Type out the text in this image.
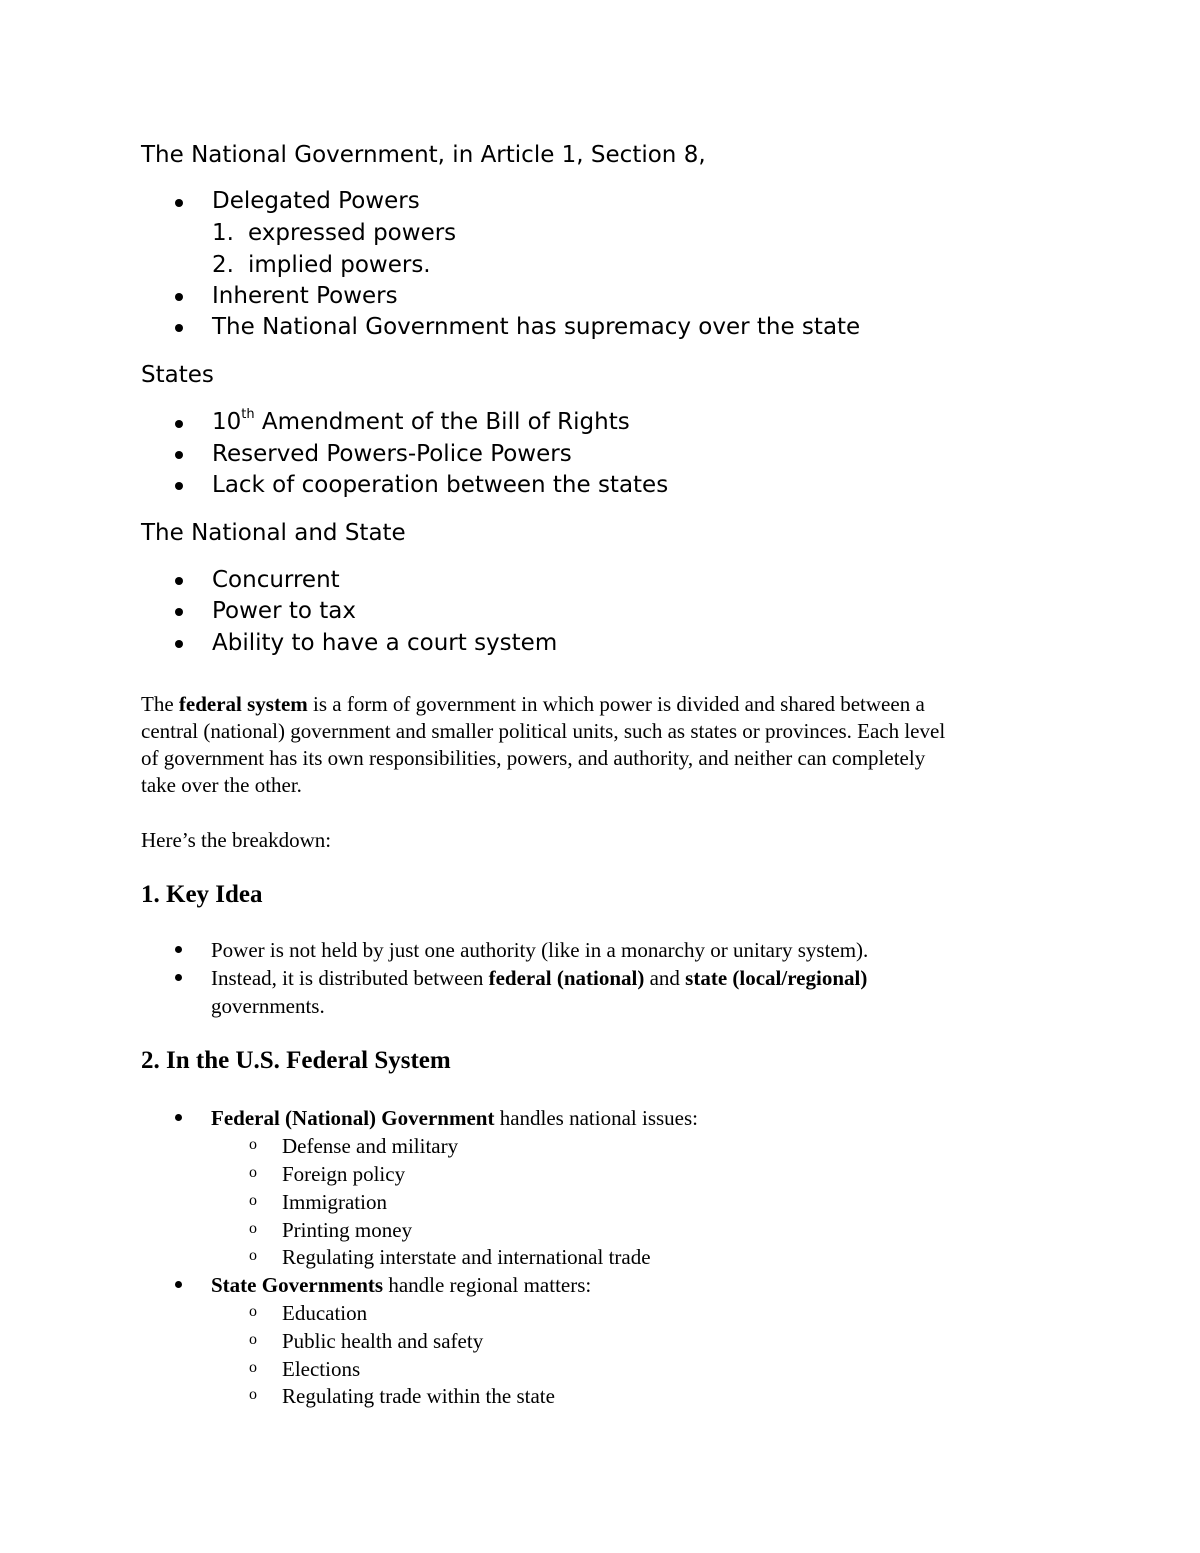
The National Government, in Article 1, Section 8,
Delegated Powers
1. expressed powers
2. implied powers.
Inherent Powers
The National Government has supremacy over the state
States
10th Amendment of the Bill of Rights
Reserved Powers-Police Powers
Lack of cooperation between the states
The National and State
Concurrent
Power to tax
Ability to have a court system
The federal system is a form of government in which power is divided and shared between a
central (national) government and smaller political units, such as states or provinces. Each level
of government has its own responsibilities, powers, and authority, and neither can completely
take over the other.
Here’s the breakdown:
1. Key Idea
Power is not held by just one authority (like in a monarchy or unitary system).
Instead, it is distributed between federal (national) and state (local/regional)
governments.
2. In the U.S. Federal System
Federal (National) Government handles national issues:
o Defense and military
o Foreign policy
o Immigration
o Printing money
o Regulating interstate and international trade
State Governments handle regional matters:
o Education
o Public health and safety
o Elections
o Regulating trade within the state
